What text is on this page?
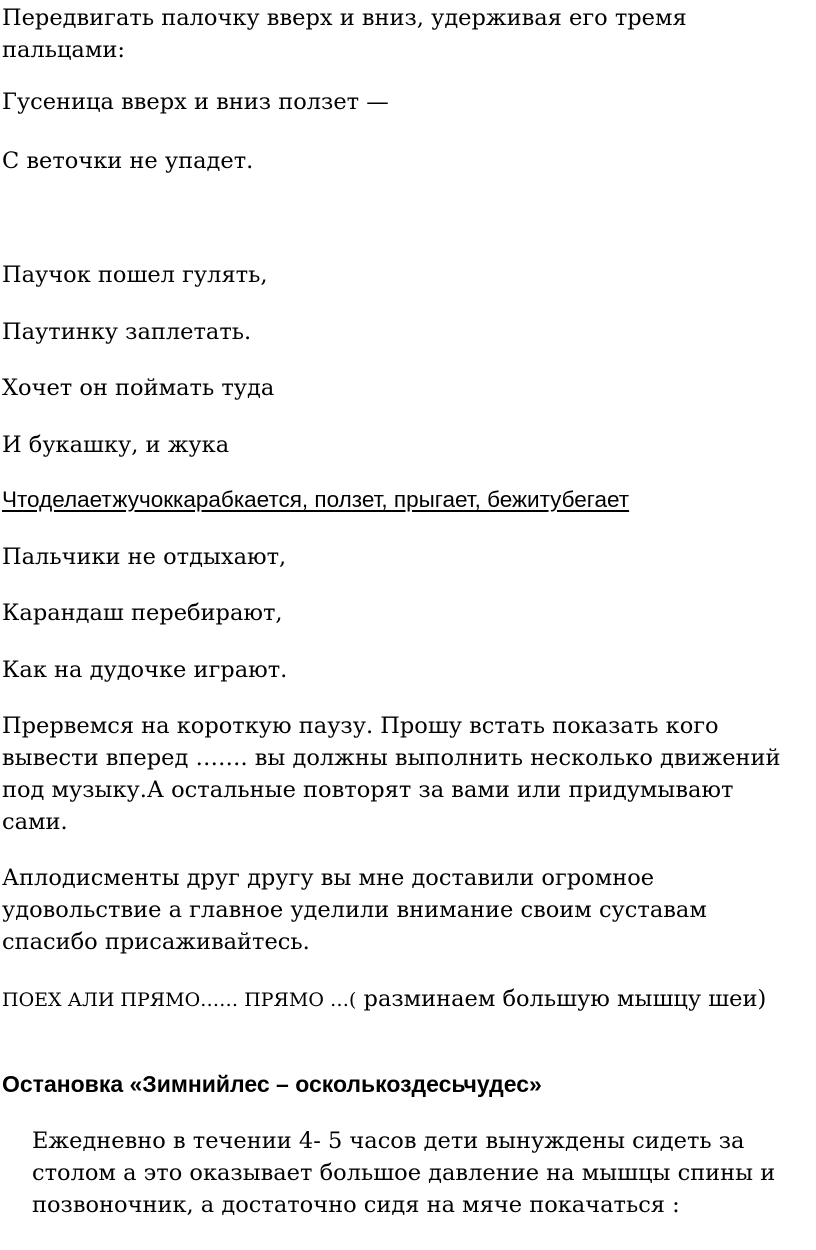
Передвигать палочку вверх и вниз, удерживая его тремя пальцами:

Гусеница вверх и вниз ползет —

С веточки не упадет.

Паучок пошел гулять,

Паутинку заплетать.

Хочет он поймать туда

И букашку, и жука

Чтоделаетжучоккарабкается, ползет, прыгает, бежитубегает

Пальчики не отдыхают,

Карандаш перебирают,

Как на дудочке играют.

Прервемся на короткую паузу. Прошу встать показать кого вывести вперед ……. вы должны выполнить несколько движений под музыку.А остальные повторят за вами или придумывают сами.

Аплодисменты друг другу вы мне доставили огромное удовольствие а главное уделили внимание своим суставам спасибо присаживайтесь.

ПОЕХ АЛИ ПРЯМО…… ПРЯМО …( разминаем большую мышцу шеи)

Остановка «Зимнийлес – осколькоздесьчудес»

Ежедневно в течении 4- 5 часов дети вынуждены сидеть за столом а это оказывает большое давление на мышцы спины и позвоночник, а достаточно сидя на мяче покачаться :
